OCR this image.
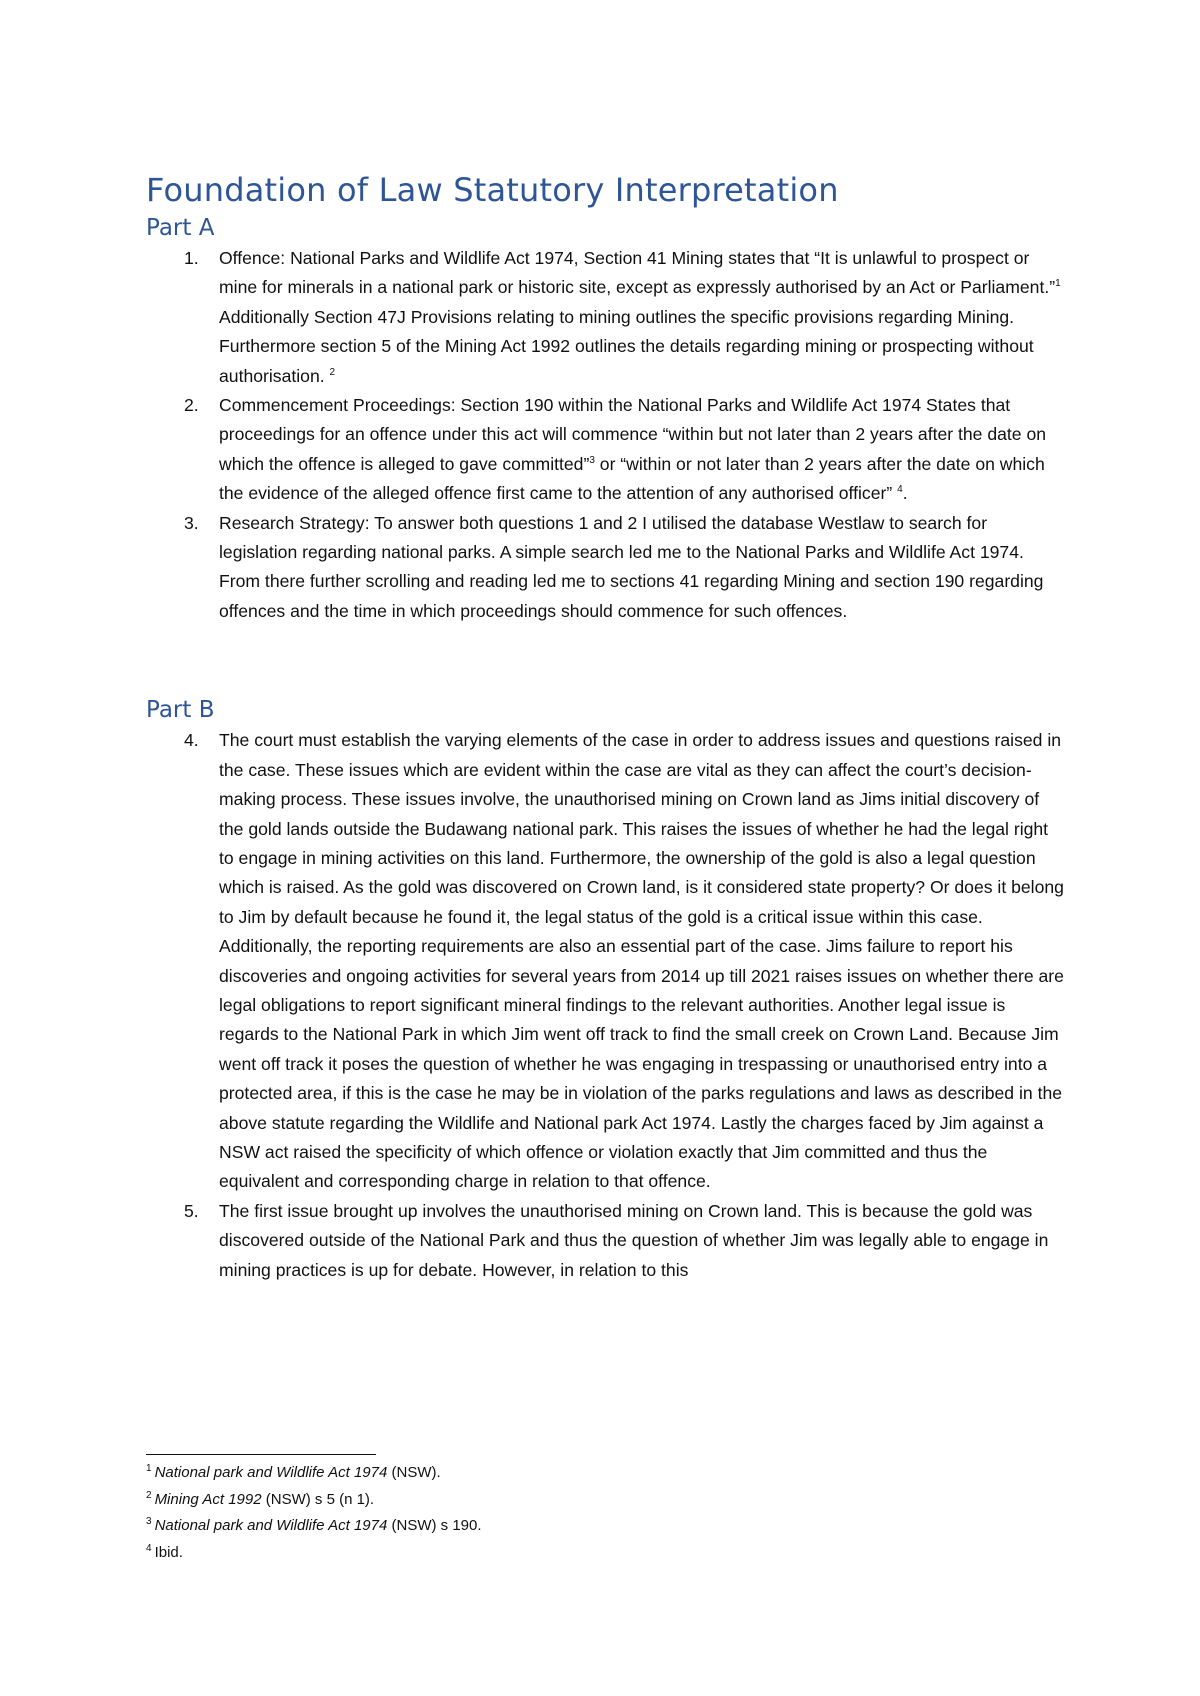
Foundation of Law Statutory Interpretation
Part A
1.	Offence: National Parks and Wildlife Act 1974, Section 41 Mining states that “It is unlawful to prospect or mine for minerals in a national park or historic site, except as expressly authorised by an Act or Parliament.”$^1$ Additionally Section 47J Provisions relating to mining outlines the specific provisions regarding Mining. Furthermore section 5 of the Mining Act 1992 outlines the details regarding mining or prospecting without authorisation. $^2$
2.	Commencement Proceedings: Section 190 within the National Parks and Wildlife Act 1974 States that proceedings for an offence under this act will commence “within but not later than 2 years after the date on which the offence is alleged to gave committed”$^3$ or “within or not later than 2 years after the date on which the evidence of the alleged offence first came to the attention of any authorised officer” $^4$.
3.	Research Strategy: To answer both questions 1 and 2 I utilised the database Westlaw to search for legislation regarding national parks. A simple search led me to the National Parks and Wildlife Act 1974. From there further scrolling and reading led me to sections 41 regarding Mining and section 190 regarding offences and the time in which proceedings should commence for such offences.
Part B
4.	The court must establish the varying elements of the case in order to address issues and questions raised in the case. These issues which are evident within the case are vital as they can affect the court’s decision-making process. These issues involve, the unauthorised mining on Crown land as Jims initial discovery of the gold lands outside the Budawang national park. This raises the issues of whether he had the legal right to engage in mining activities on this land. Furthermore, the ownership of the gold is also a legal question which is raised. As the gold was discovered on Crown land, is it considered state property? Or does it belong to Jim by default because he found it, the legal status of the gold is a critical issue within this case. Additionally, the reporting requirements are also an essential part of the case. Jims failure to report his discoveries and ongoing activities for several years from 2014 up till 2021 raises issues on whether there are legal obligations to report significant mineral findings to the relevant authorities. Another legal issue is regards to the National Park in which Jim went off track to find the small creek on Crown Land. Because Jim went off track it poses the question of whether he was engaging in trespassing or unauthorised entry into a protected area, if this is the case he may be in violation of the parks regulations and laws as described in the above statute regarding the Wildlife and National park Act 1974. Lastly the charges faced by Jim against a NSW act raised the specificity of which offence or violation exactly that Jim committed and thus the equivalent and corresponding charge in relation to that offence.
5.	The first issue brought up involves the unauthorised mining on Crown land. This is because the gold was discovered outside of the National Park and thus the question of whether Jim was legally able to engage in mining practices is up for debate. However, in relation to this
$^1$ National park and Wildlife Act 1974 (NSW).
$^2$ Mining Act 1992 (NSW) s 5 (n 1).
$^3$ National park and Wildlife Act 1974 (NSW) s 190.
$^4$ Ibid.
